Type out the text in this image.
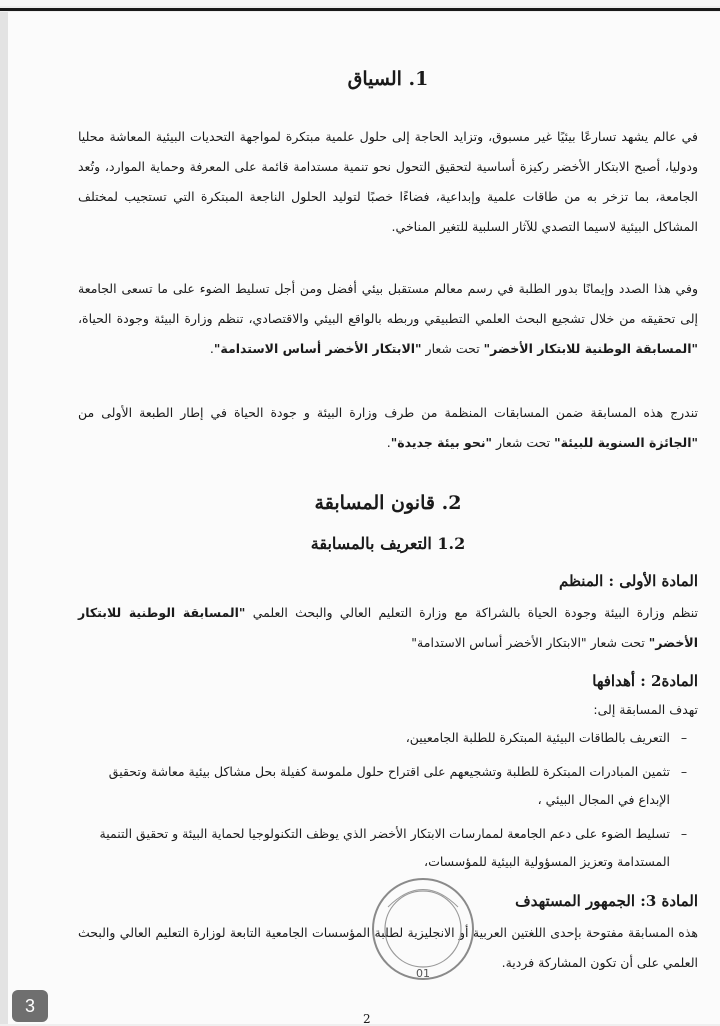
1. السياق
في عالم يشهد تسارعًا بيئيًا غير مسبوق، وتزايد الحاجة إلى حلول علمية مبتكرة لمواجهة التحديات البيئية المعاشة محليا ودوليا، أصبح الابتكار الأخضر ركيزة أساسية لتحقيق التحول نحو تنمية مستدامة قائمة على المعرفة وحماية الموارد، وتُعد الجامعة، بما تزخر به من طاقات علمية وإبداعية، فضاءًا خصبًا لتوليد الحلول الناجعة المبتكرة التي تستجيب لمختلف المشاكل البيئية لاسيما التصدي للآثار السلبية للتغير المناخي.
وفي هذا الصدد وإيمانًا بدور الطلبة في رسم معالم مستقبل بيئي أفضل ومن أجل تسليط الضوء على ما تسعى الجامعة إلى تحقيقه من خلال تشجيع البحث العلمي التطبيقي وربطه بالواقع البيئي والاقتصادي، تنظم وزارة البيئة وجودة الحياة، "المسابقة الوطنية للابتكار الأخضر" تحت شعار "الابتكار الأخضر أساس الاستدامة".
تندرج هذه المسابقة ضمن المسابقات المنظمة من طرف وزارة البيئة و جودة الحياة في إطار الطبعة الأولى من "الجائزة السنوية للبيئة" تحت شعار "نحو بيئة جديدة".
2. قانون المسابقة
1.2 التعريف بالمسابقة
المادة الأولى : المنظم
تنظم وزارة البيئة وجودة الحياة بالشراكة مع وزارة التعليم العالي والبحث العلمي "المسابقة الوطنية للابتكار الأخضر" تحت شعار "الابتكار الأخضر أساس الاستدامة"
المادة2 : أهدافها
تهدف المسابقة إلى:
–التعريف بالطاقات البيئية المبتكرة للطلبة الجامعيين،
–تثمين المبادرات المبتكرة للطلبة وتشجيعهم على اقتراح حلول ملموسة كفيلة بحل مشاكل بيئية معاشة وتحقيق الإبداع في المجال البيئي ،
–تسليط الضوء على دعم الجامعة لممارسات الابتكار الأخضر الذي يوظف التكنولوجيا لحماية البيئة و تحقيق التنمية المستدامة وتعزيز المسؤولية البيئية للمؤسسات،
المادة 3: الجمهور المستهدف
هذه المسابقة مفتوحة بإحدى اللغتين العربية أو الانجليزية لطلبة المؤسسات الجامعية التابعة لوزارة التعليم العالي والبحث العلمي على أن تكون المشاركة فردية.
01
2
3
